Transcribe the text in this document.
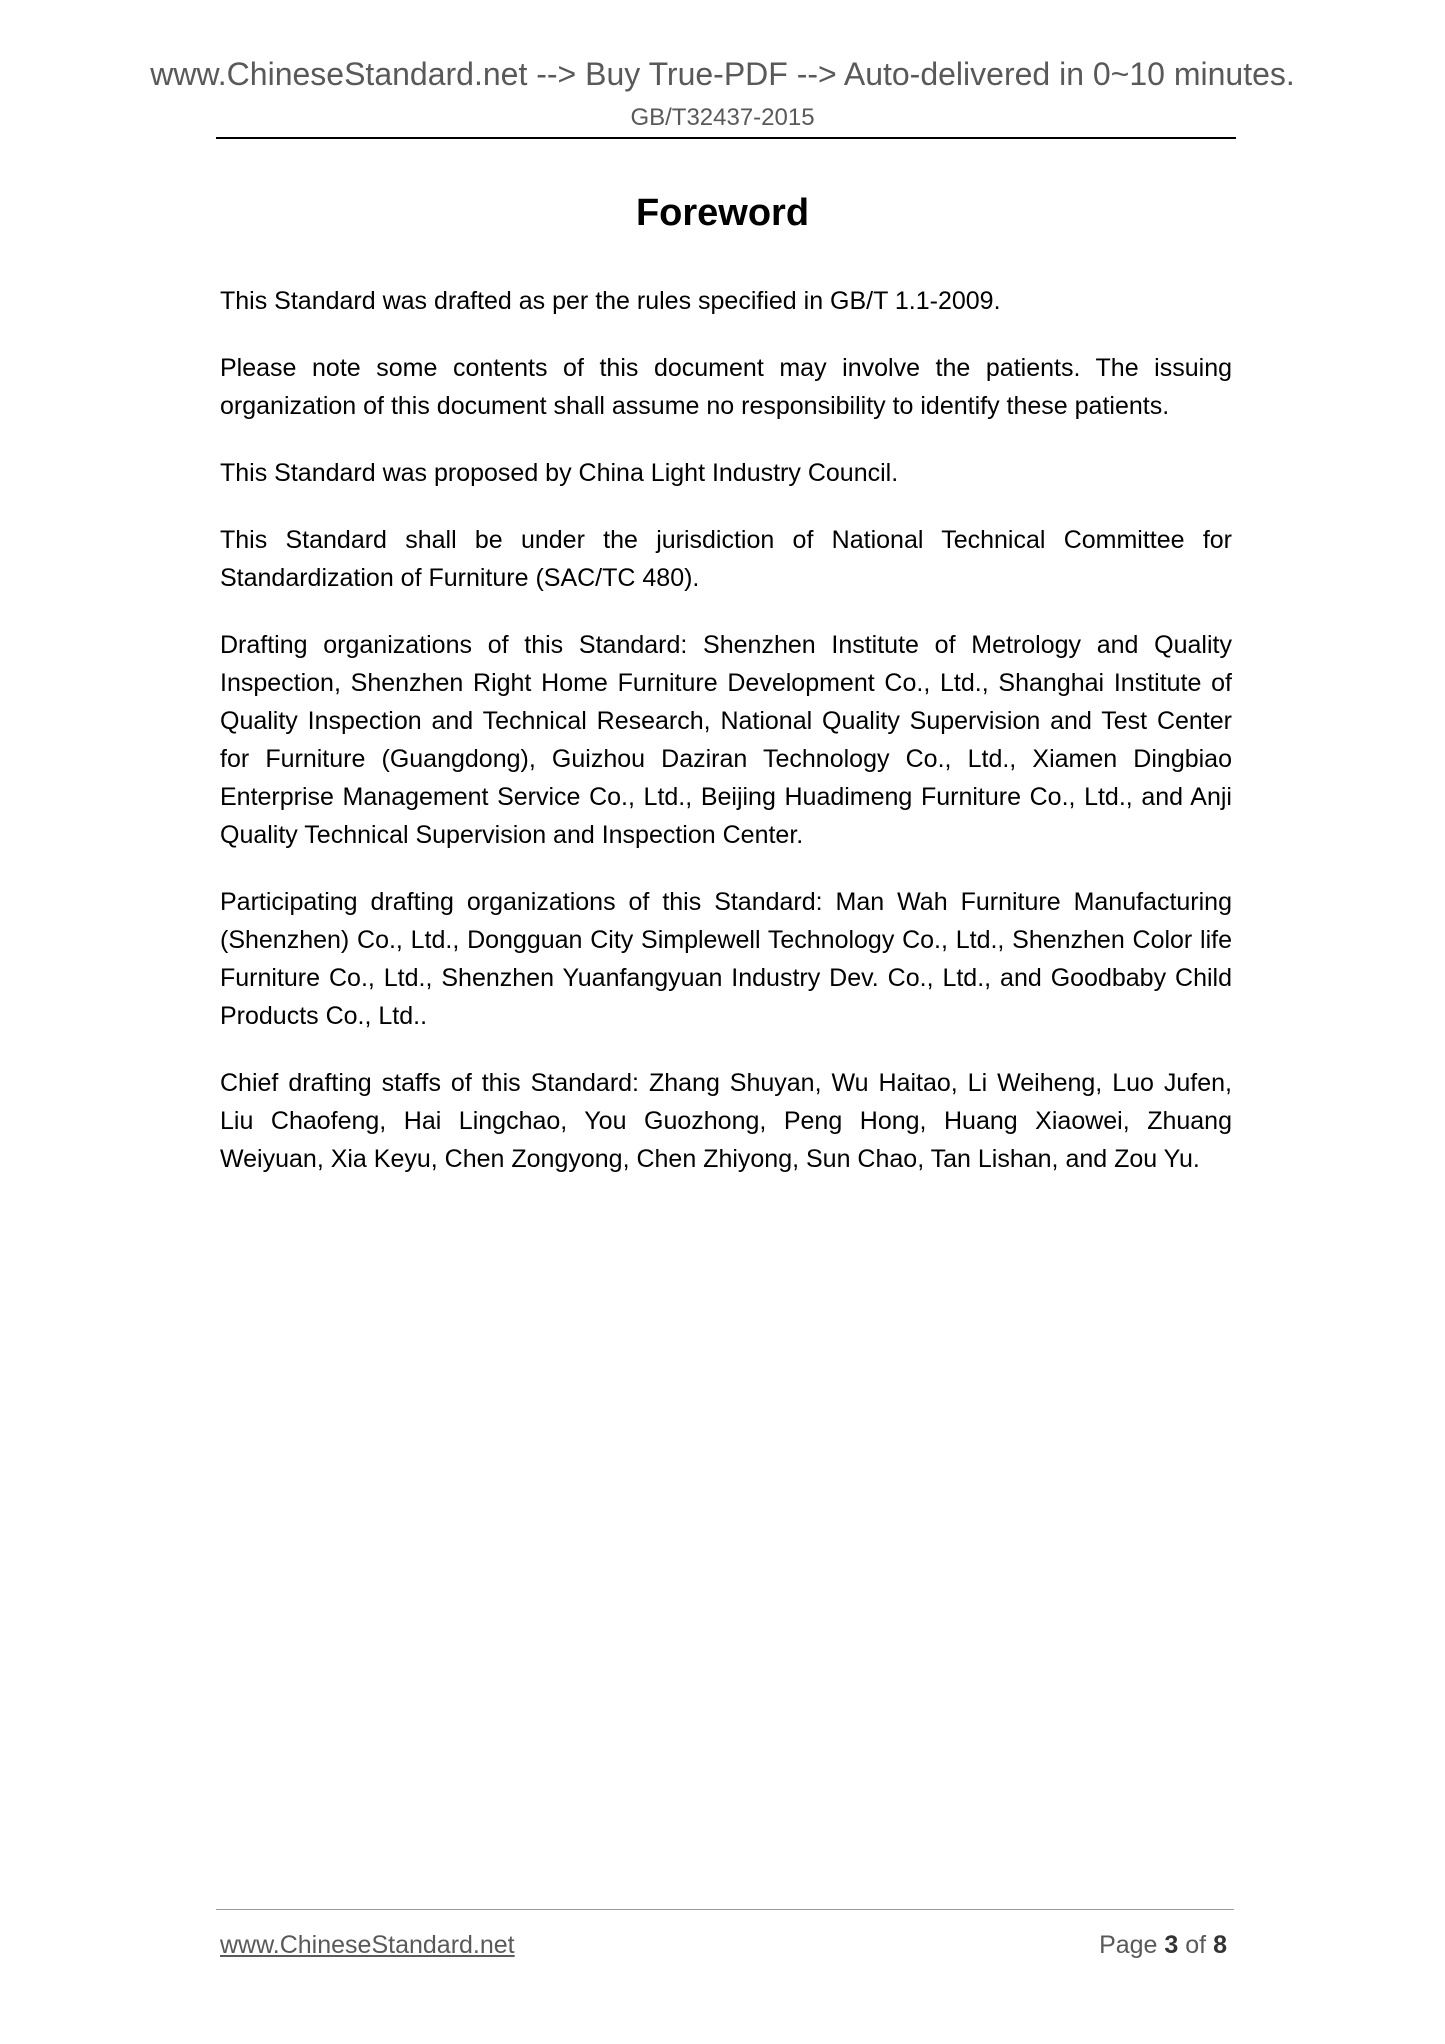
www.ChineseStandard.net --> Buy True-PDF --> Auto-delivered in 0~10 minutes.
GB/T32437-2015
Foreword

This Standard was drafted as per the rules specified in GB/T 1.1-2009.

Please note some contents of this document may involve the patients. The issuing organization of this document shall assume no responsibility to identify these patients.

This Standard was proposed by China Light Industry Council.

This Standard shall be under the jurisdiction of National Technical Committee for Standardization of Furniture (SAC/TC 480).

Drafting organizations of this Standard: Shenzhen Institute of Metrology and Quality Inspection, Shenzhen Right Home Furniture Development Co., Ltd., Shanghai Institute of Quality Inspection and Technical Research, National Quality Supervision and Test Center for Furniture (Guangdong), Guizhou Daziran Technology Co., Ltd., Xiamen Dingbiao Enterprise Management Service Co., Ltd., Beijing Huadimeng Furniture Co., Ltd., and Anji Quality Technical Supervision and Inspection Center.

Participating drafting organizations of this Standard: Man Wah Furniture Manufacturing (Shenzhen) Co., Ltd., Dongguan City Simplewell Technology Co., Ltd., Shenzhen Color life Furniture Co., Ltd., Shenzhen Yuanfangyuan Industry Dev. Co., Ltd., and Goodbaby Child Products Co., Ltd..

Chief drafting staffs of this Standard: Zhang Shuyan, Wu Haitao, Li Weiheng, Luo Jufen, Liu Chaofeng, Hai Lingchao, You Guozhong, Peng Hong, Huang Xiaowei, Zhuang Weiyuan, Xia Keyu, Chen Zongyong, Chen Zhiyong, Sun Chao, Tan Lishan, and Zou Yu.

www.ChineseStandard.net	Page 3 of 8
